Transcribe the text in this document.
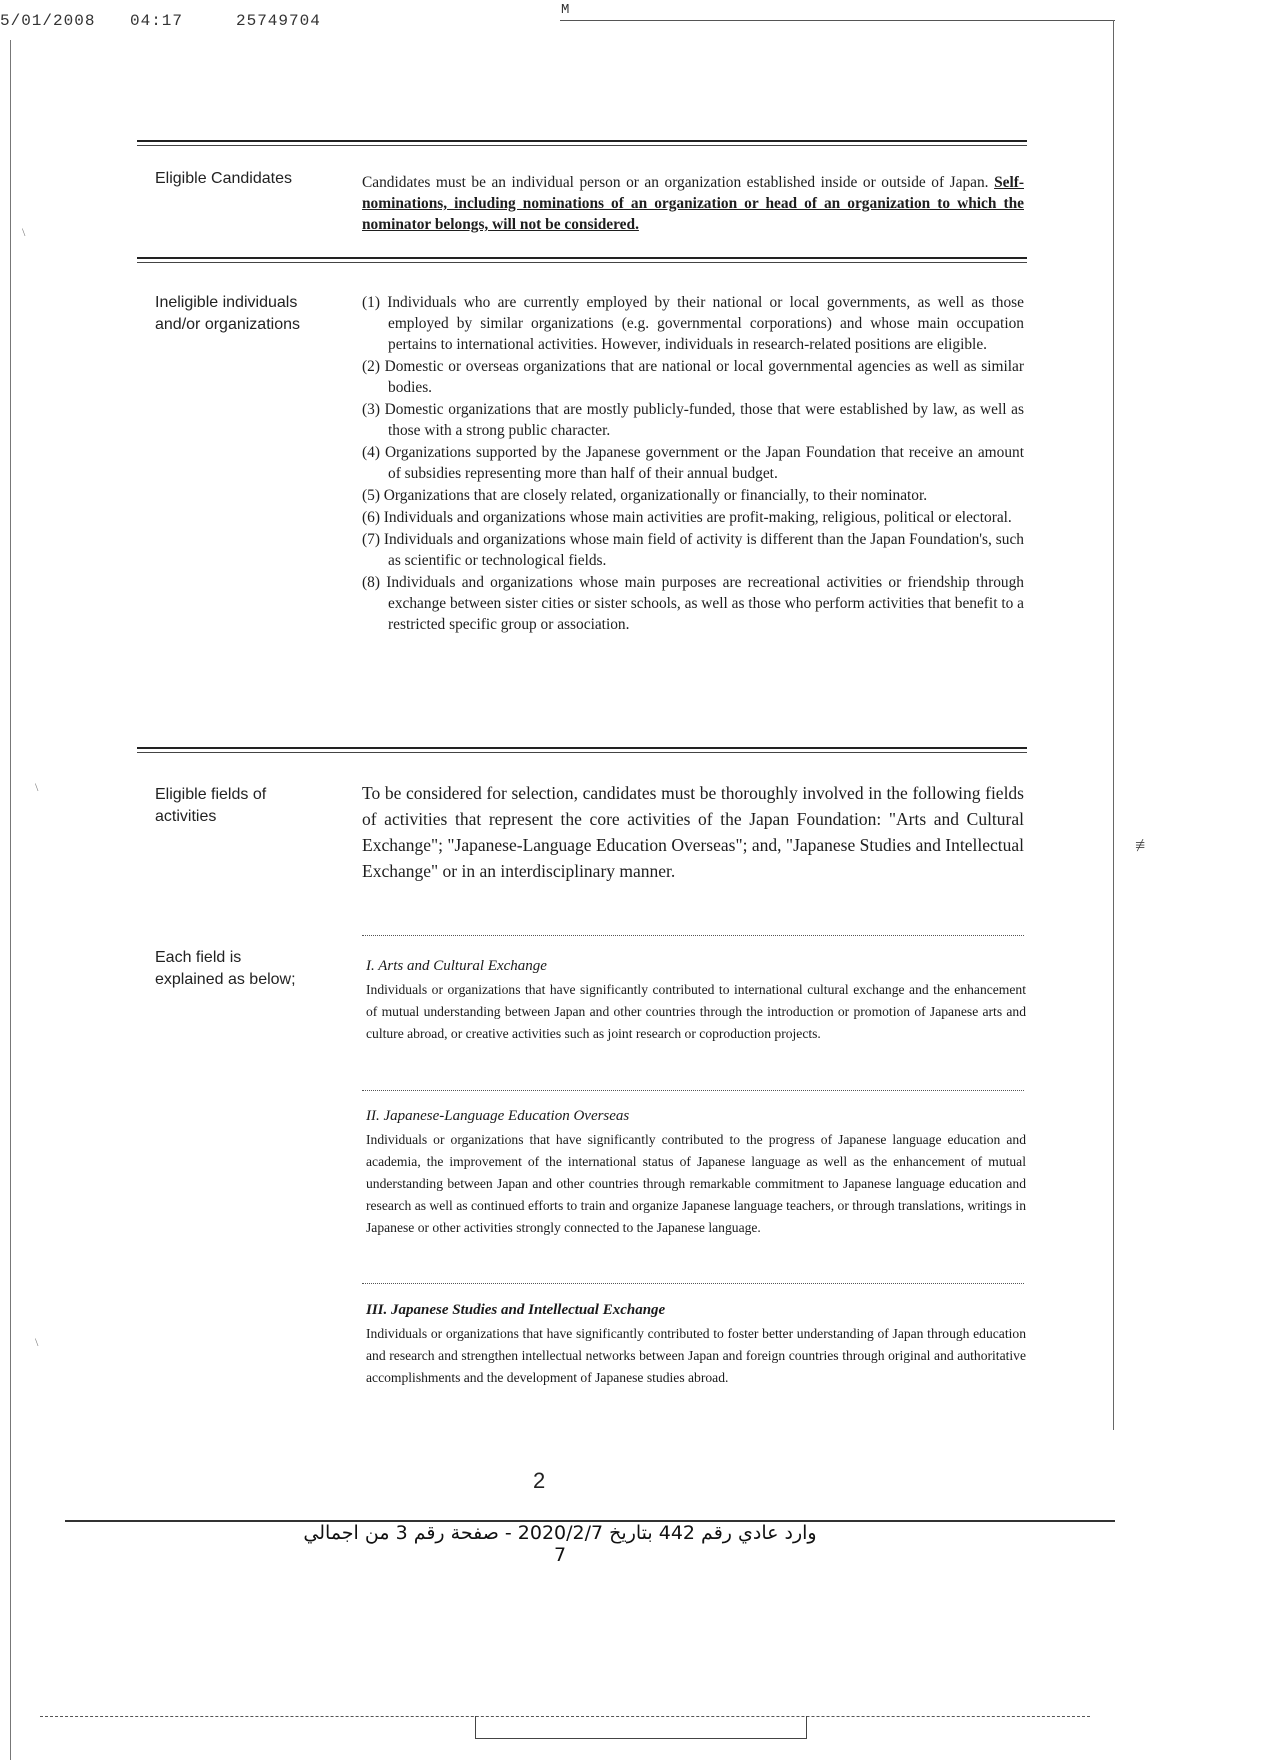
5/01/2008 04:17	25749704
M
Eligible Candidates	Candidates must be an individual person or an organization established inside or outside of Japan. Self-nominations, including nominations of an organization or head of an organization to which the nominator belongs, will not be considered.
Ineligible individuals
and/or organizations
(1) Individuals who are currently employed by their national or local governments, as well as those employed by similar organizations (e.g. governmental corporations) and whose main occupation pertains to international activities. However, individuals in research-related positions are eligible.
(2) Domestic or overseas organizations that are national or local governmental agencies as well as similar bodies.
(3) Domestic organizations that are mostly publicly-funded, those that were established by law, as well as those with a strong public character.
(4) Organizations supported by the Japanese government or the Japan Foundation that receive an amount of subsidies representing more than half of their annual budget.
(5) Organizations that are closely related, organizationally or financially, to their nominator.
(6) Individuals and organizations whose main activities are profit-making, religious, political or electoral.
(7) Individuals and organizations whose main field of activity is different than the Japan Foundation's, such as scientific or technological fields.
(8) Individuals and organizations whose main purposes are recreational activities or friendship through exchange between sister cities or sister schools, as well as those who perform activities that benefit to a restricted specific group or association.
Eligible fields of
activities
To be considered for selection, candidates must be thoroughly involved in the following fields of activities that represent the core activities of the Japan Foundation: "Arts and Cultural Exchange"; "Japanese-Language Education Overseas"; and, "Japanese Studies and Intellectual Exchange" or in an interdisciplinary manner.
Each field is
explained as below;

I. Arts and Cultural Exchange

Individuals or organizations that have significantly contributed to international cultural exchange and the enhancement of mutual understanding between Japan and other countries through the introduction or promotion of Japanese arts and culture abroad, or creative activities such as joint research or coproduction projects.

II. Japanese-Language Education Overseas

Individuals or organizations that have significantly contributed to the progress of Japanese language education and academia, the improvement of the international status of Japanese language as well as the enhancement of mutual understanding between Japan and other countries through remarkable commitment to Japanese language education and research as well as continued efforts to train and organize Japanese language teachers, or through translations, writings in Japanese or other activities strongly connected to the Japanese language.

III. Japanese Studies and Intellectual Exchange

Individuals or organizations that have significantly contributed to foster better understanding of Japan through education and research and strengthen intellectual networks between Japan and foreign countries through original and authoritative accomplishments and the development of Japanese studies abroad.

2
وارد عادي رقم 442 بتاريخ 2020/2/7 - صفحة رقم 3 من اجمالي 7
\
\
\
≢
